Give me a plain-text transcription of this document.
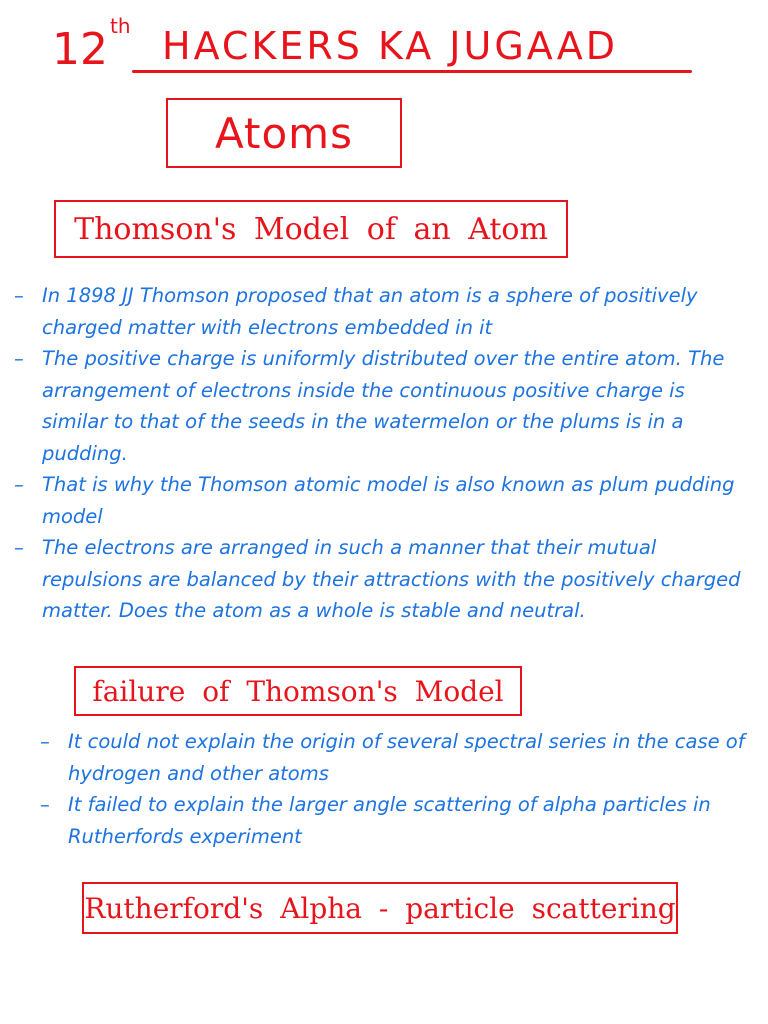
12 th HACKERS KA JUGAAD
Atoms
Thomson's Model of an Atom
– In 1898 JJ Thomson proposed that an atom is a sphere of positively charged matter with electrons embedded in it
– The positive charge is uniformly distributed over the entire atom. The arrangement of electrons inside the continuous positive charge is similar to that of the seeds in the watermelon or the plums is in a pudding.
– That is why the Thomson atomic model is also known as plum pudding model
– The electrons are arranged in such a manner that their mutual repulsions are balanced by their attractions with the positively charged matter. Does the atom as a whole is stable and neutral.
failure of Thomson's Model
– It could not explain the origin of several spectral series in the case of hydrogen and other atoms
– It failed to explain the larger angle scattering of alpha particles in Rutherfords experiment
Rutherford's Alpha - particle scattering
